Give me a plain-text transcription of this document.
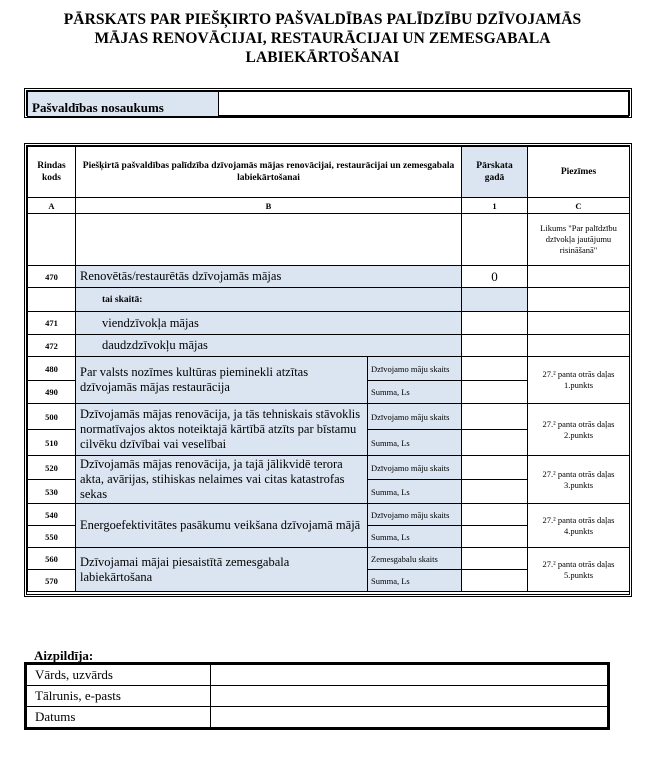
PĀRSKATS PAR PIEŠĶIRTO PAŠVALDĪBAS PALĪDZĪBU DZĪVOJAMĀS
MĀJAS RENOVĀCIJAI, RESTAURĀCIJAI UN ZEMESGABALA
LABIEKĀRTOŠANAI
Pašvaldības nosaukums	
Rindas kods	Piešķirtā pašvaldības palīdzība dzīvojamās mājas renovācijai, restaurācijai un zemesgabala labiekārtošanai		Pārskata gadā	Piezīmes
A	B		1	C
				Likums "Par palīdzību dzīvokļa jautājumu risināšanā"
470	Renovētās/restaurētās dzīvojamās mājas		0	
	tai skaitā:			
471	viendzīvokļa mājas			
472	daudzdzīvokļu mājas			
480	Par valsts nozīmes kultūras pieminekli atzītas dzīvojamās mājas restaurācija	Dzīvojamo māju skaits		27.² panta otrās daļas 1.punkts
490		Summa, Ls		
500	Dzīvojamās mājas renovācija, ja tās tehniskais stāvoklis normatīvajos aktos noteiktajā kārtībā atzīts par bīstamu cilvēku dzīvībai vai veselībai	Dzīvojamo māju skaits		27.² panta otrās daļas 2.punkts
510		Summa, Ls		
520	Dzīvojamās mājas renovācija, ja tajā jālikvidē terora akta, avārijas, stihiskas nelaimes vai citas katastrofas sekas	Dzīvojamo māju skaits		27.² panta otrās daļas 3.punkts
530		Summa, Ls		
540	Energoefektivitātes pasākumu veikšana dzīvojamā mājā	Dzīvojamo māju skaits		27.² panta otrās daļas 4.punkts
550		Summa, Ls		
560	Dzīvojamai mājai piesaistītā zemesgabala labiekārtošana	Zemesgabalu skaits		27.² panta otrās daļas 5.punkts
570		Summa, Ls		
Aizpildīja:
Vārds, uzvārds	
Tālrunis, e-pasts	
Datums	
